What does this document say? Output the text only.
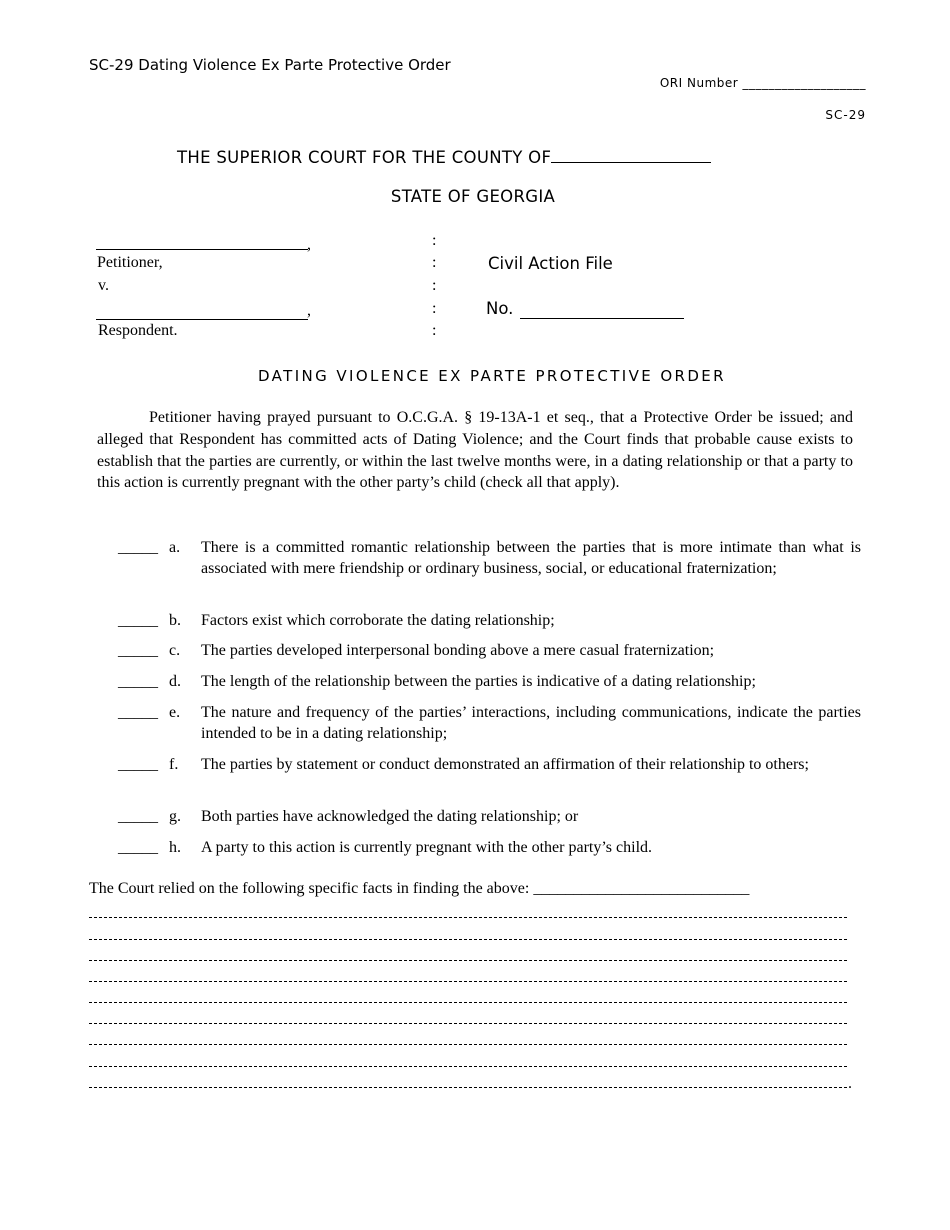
SC-29 Dating Violence Ex Parte Protective Order
ORI Number ___________________
SC-29
THE SUPERIOR COURT FOR THE COUNTY OF
STATE OF GEORGIA
,
Petitioner,
v.
,
Respondent.
:
:
:
:
:
Civil Action File
No.
DATING VIOLENCE EX PARTE PROTECTIVE ORDER

Petitioner having prayed pursuant to O.C.G.A. § 19-13A-1 et seq., that a Protective Order be issued; and alleged that Respondent has committed acts of Dating Violence; and the Court finds that probable cause exists to establish that the parties are currently, or within the last twelve months were, in a dating relationship or that a party to this action is currently pregnant with the other party’s child (check all that apply).

_____ a. There is a committed romantic relationship between the parties that is more intimate than what is associated with mere friendship or ordinary business, social, or educational fraternization;
_____ b. Factors exist which corroborate the dating relationship;
_____ c. The parties developed interpersonal bonding above a mere casual fraternization;
_____ d. The length of the relationship between the parties is indicative of a dating relationship;
_____ e. The nature and frequency of the parties’ interactions, including communications, indicate the parties intended to be in a dating relationship;
_____ f. The parties by statement or conduct demonstrated an affirmation of their relationship to others;
_____ g. Both parties have acknowledged the dating relationship; or
_____ h. A party to this action is currently pregnant with the other party’s child.
The Court relied on the following specific facts in finding the above: ___________________________
.
